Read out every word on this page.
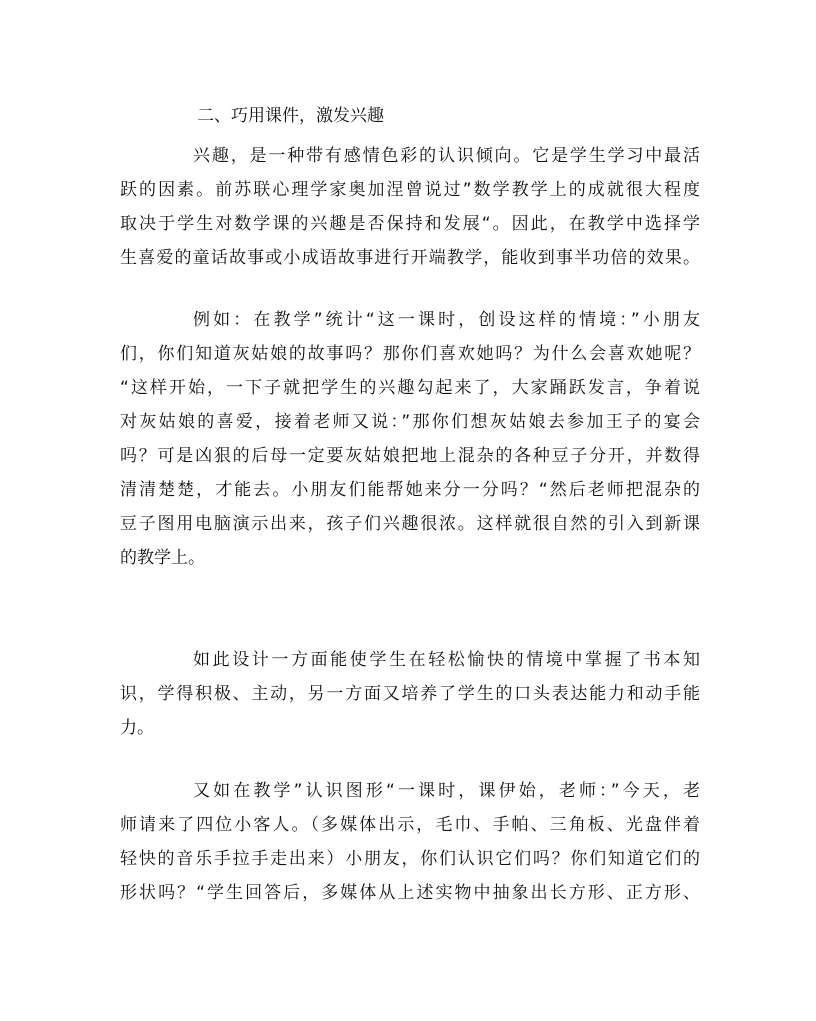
二、巧用课件，激发兴趣
兴趣，是一种带有感情色彩的认识倾向。它是学生学习中最活
跃的因素。前苏联心理学家奥加涅曾说过”数学教学上的成就很大程度
取决于学生对数学课的兴趣是否保持和发展“。因此，在教学中选择学
生喜爱的童话故事或小成语故事进行开端教学，能收到事半功倍的效果。
例如：在教学”统计“这一课时，创设这样的情境：”小朋友
们，你们知道灰姑娘的故事吗？那你们喜欢她吗？为什么会喜欢她呢？
“这样开始，一下子就把学生的兴趣勾起来了，大家踊跃发言，争着说
对灰姑娘的喜爱，接着老师又说：”那你们想灰姑娘去参加王子的宴会
吗？可是凶狠的后母一定要灰姑娘把地上混杂的各种豆子分开，并数得
清清楚楚，才能去。小朋友们能帮她来分一分吗？“然后老师把混杂的
豆子图用电脑演示出来，孩子们兴趣很浓。这样就很自然的引入到新课
的教学上。
如此设计一方面能使学生在轻松愉快的情境中掌握了书本知
识，学得积极、主动，另一方面又培养了学生的口头表达能力和动手能
力。
又如在教学”认识图形“一课时，课伊始，老师：”今天，老
师请来了四位小客人。（多媒体出示，毛巾、手帕、三角板、光盘伴着
轻快的音乐手拉手走出来）小朋友，你们认识它们吗？你们知道它们的
形状吗？“学生回答后，多媒体从上述实物中抽象出长方形、正方形、
